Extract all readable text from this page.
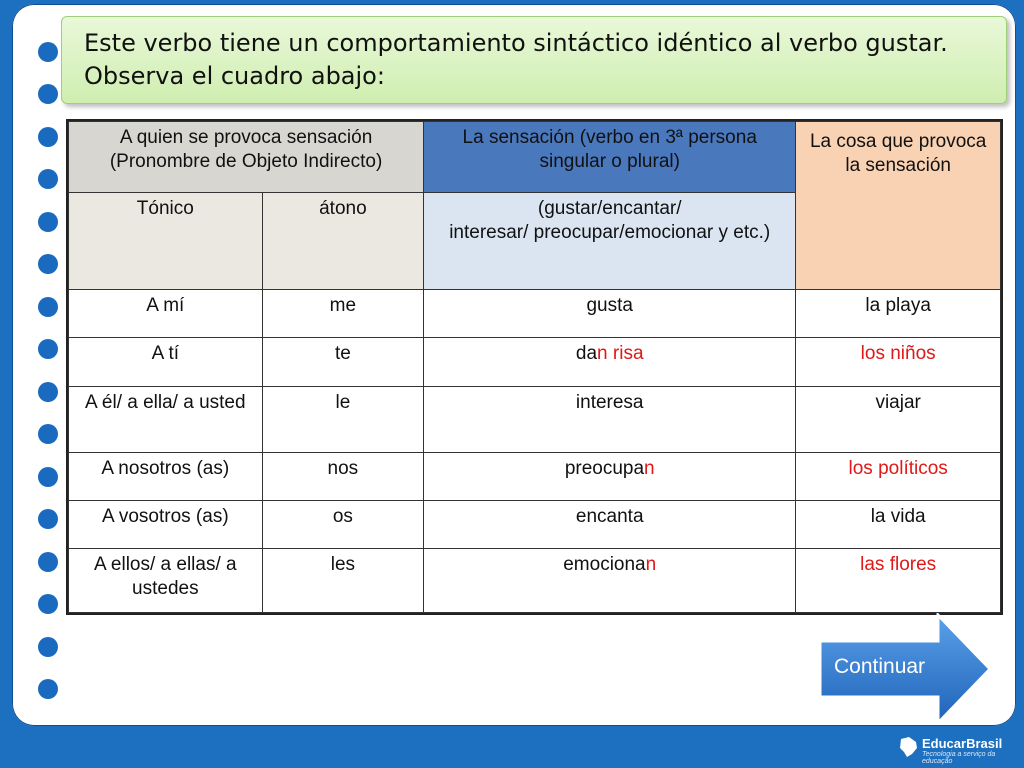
Este verbo tiene un comportamiento sintáctico idéntico al verbo gustar.
Observa el cuadro abajo:
A quien se provoca sensación
(Pronombre de Objeto Indirecto)		La sensación (verbo en 3ª persona singular o plural)	La cosa que provoca la sensación
Tónico	átono	(gustar/encantar/
interesar/ preocupar/emocionar y etc.)	
A mí	me	gusta	la playa
A tí	te	dan risa	los niños
A él/ a ella/ a usted	le	interesa	viajar
A nosotros (as)	nos	preocupan	los políticos
A vosotros (as)	os	encanta	la vida
A ellos/ a ellas/ a ustedes	les	emocionan	las flores
Continuar
EducarBrasil
Tecnologia a serviço da educação
